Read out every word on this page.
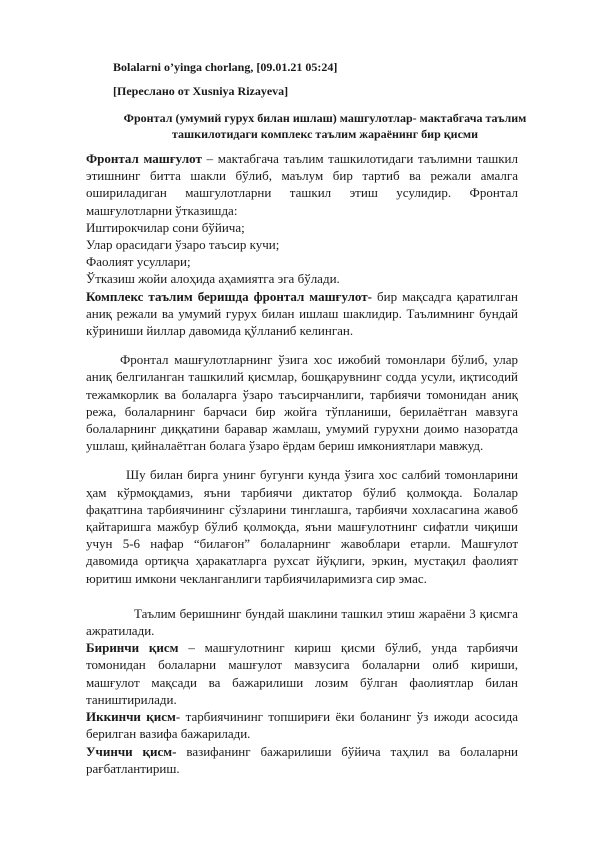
Bolalarni o’yinga chorlang, [09.01.21 05:24]
[Переслано от Xusniya Rizayeva]
Фронтал (умумий гурух билан ишлаш) машгулотлар- мактабгача таълим ташкилотидаги комплекс таълим жараёнинг бир қисми

Фронтал машғулот – мактабгача таълим ташкилотидаги таълимни ташкил этишнинг битта шакли бўлиб, маълум бир тартиб ва режали амалга ошириладиган машгулотларни ташкил этиш усулидир. Фронтал машғулотларни ўтказишда:

Иштирокчилар сони бўйича;

Улар орасидаги ўзаро таъсир кучи;

Фаолият усуллари;

Ўтказиш жойи алоҳида аҳамиятга эга бўлади.

Комплекс таълим беришда фронтал машғулот- бир мақсадга қаратилган аниқ режали ва умумий гурух билан ишлаш шаклидир. Таълимнинг бундай кўриниши йиллар давомида қўлланиб келинган.

Фронтал машғулотларнинг ўзига хос ижобий томонлари бўлиб, улар аниқ белгиланган ташкилий қисмлар, бошқарувнинг содда усули, иқтисодий тежамкорлик ва болаларга ўзаро таъсирчанлиги, тарбиячи томонидан аниқ режа, болаларнинг барчаси бир жойга тўпланиши, берилаётган мавзуга болаларнинг диққатини баравар жамлаш, умумий гурухни доимо назоратда ушлаш, қийналаётган болага ўзаро ёрдам бериш имкониятлари мавжуд.

Шу билан бирга унинг бугунги кунда ўзига хос салбий томонларини ҳам кўрмоқдамиз, яъни тарбиячи диктатор бўлиб қолмоқда. Болалар фақатгина тарбиячининг сўзларини тинглашга, тарбиячи хохласагина жавоб қайтаришга мажбур бўлиб қолмоқда, яъни машғулотнинг сифатли чиқиши учун 5-6 нафар “билағон” болаларнинг жавоблари етарли. Машғулот давомида ортиқча ҳаракатларга рухсат йўқлиги, эркин, мустақил фаолият юритиш имкони чекланганлиги тарбиячиларимизга сир эмас.

Таълим беришнинг бундай шаклини ташкил этиш жараёни 3 қисмга ажратилади.

Биринчи қисм – машғулотнинг кириш қисми бўлиб, унда тарбиячи томонидан болаларни машғулот мавзусига болаларни олиб кириши, машғулот мақсади ва бажарилиши лозим бўлган фаолиятлар билан таништирилади.

Иккинчи қисм- тарбиячининг топшириғи ёки боланинг ўз ижоди асосида берилган вазифа бажарилади.

Учинчи қисм- вазифанинг бажарилиши бўйича таҳлил ва болаларни рағбатлантириш.
